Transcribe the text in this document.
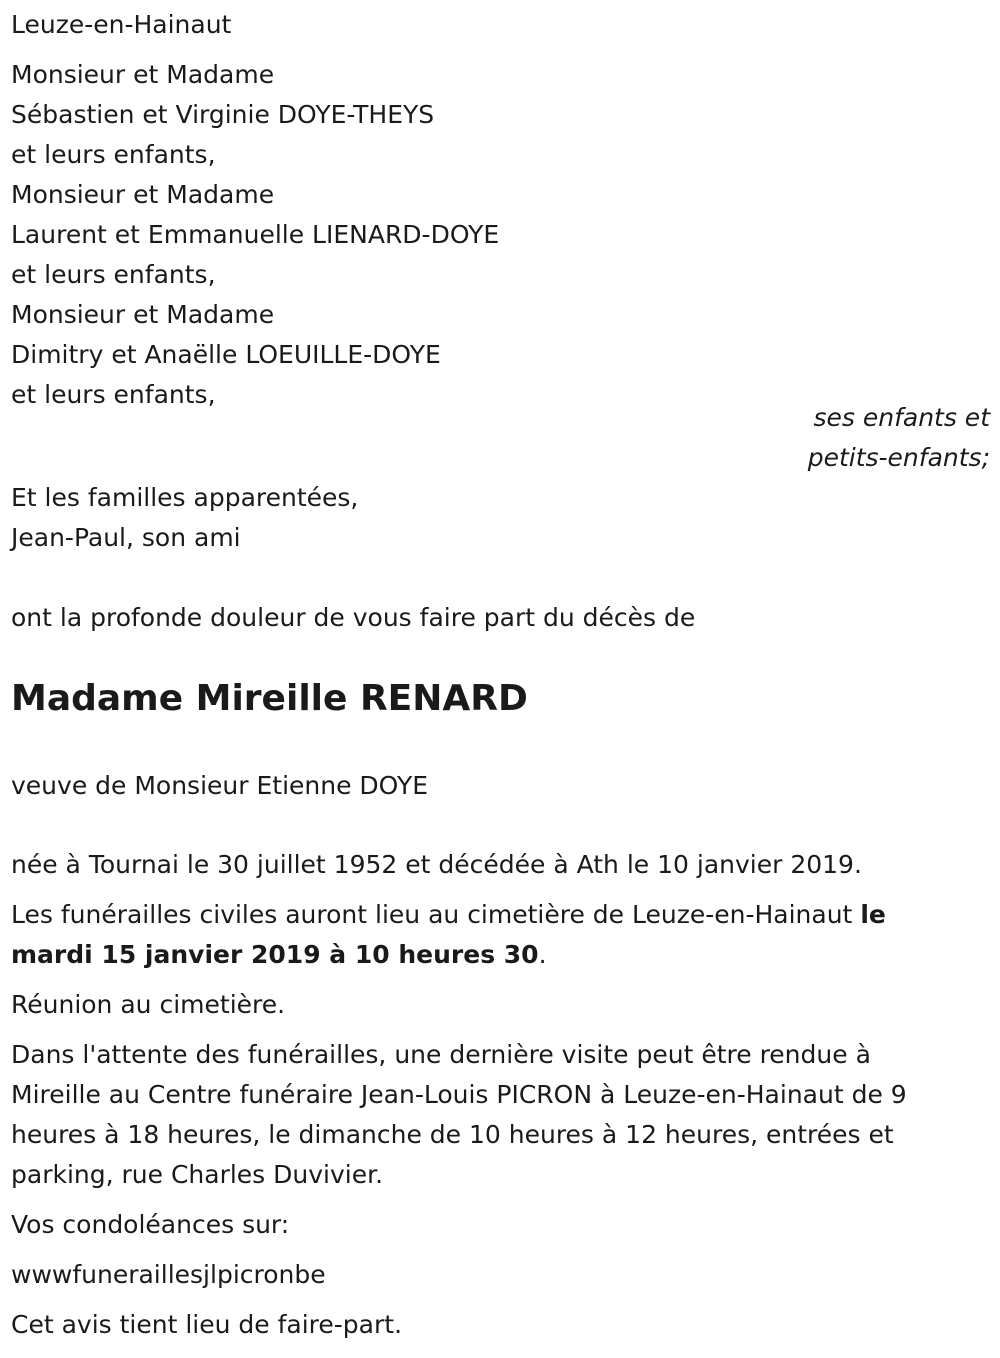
Leuze-en-Hainaut

Monsieur et Madame

Sébastien et Virginie DOYE-THEYS

et leurs enfants,

Monsieur et Madame

Laurent et Emmanuelle LIENARD-DOYE

et leurs enfants,

Monsieur et Madame

Dimitry et Anaëlle LOEUILLE-DOYE

et leurs enfants,

ses enfants et

petits-enfants;

Et les familles apparentées,

Jean-Paul, son ami

ont la profonde douleur de vous faire part du décès de

Madame Mireille RENARD

veuve de Monsieur Etienne DOYE

née à Tournai le 30 juillet 1952 et décédée à Ath le 10 janvier 2019.

Les funérailles civiles auront lieu au cimetière de Leuze-en-Hainaut le

mardi 15 janvier 2019 à 10 heures 30.

Réunion au cimetière.

Dans l'attente des funérailles, une dernière visite peut être rendue à

Mireille au Centre funéraire Jean-Louis PICRON à Leuze-en-Hainaut de 9

heures à 18 heures, le dimanche de 10 heures à 12 heures, entrées et

parking, rue Charles Duvivier.

Vos condoléances sur:

wwwfuneraillesjlpicronbe

Cet avis tient lieu de faire-part.
